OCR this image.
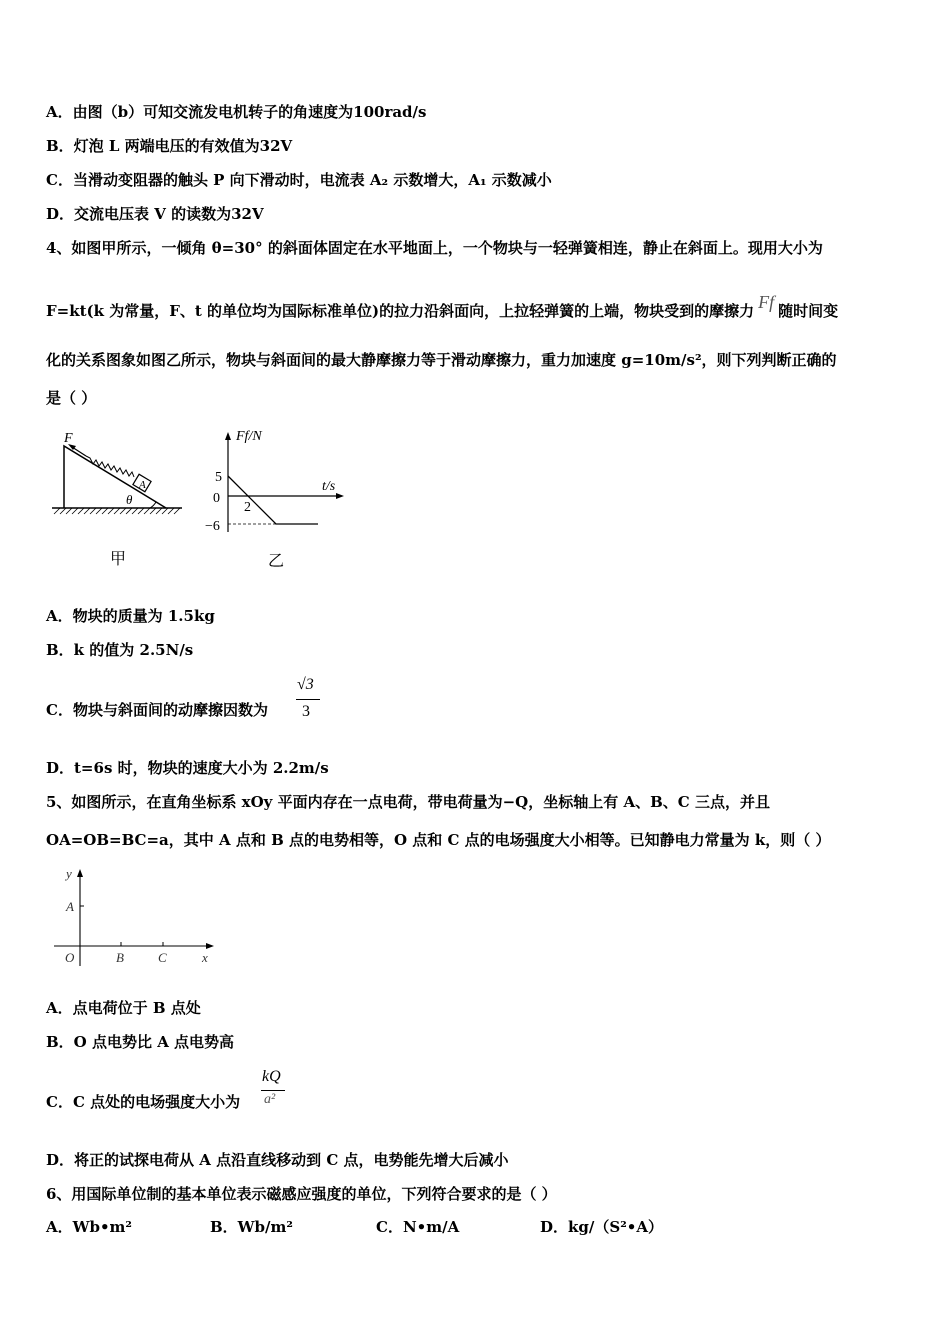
A．由图（b）可知交流发电机转子的角速度为100rad/s
B．灯泡 L 两端电压的有效值为32V
C．当滑动变阻器的触头 P 向下滑动时，电流表 A₂ 示数增大，A₁ 示数减小
D．交流电压表 V 的读数为32V
4、如图甲所示，一倾角 θ=30° 的斜面体固定在水平地面上，一个物块与一轻弹簧相连，静止在斜面上。现用大小为
F=kt(k 为常量，F、t 的单位均为国际标准单位)的拉力沿斜面向，上拉轻弹簧的上端，物块受到的摩擦力 Ff 随时间变
化的关系图象如图乙所示，物块与斜面间的最大静摩擦力等于滑动摩擦力，重力加速度 g=10m/s²，则下列判断正确的
是（ ）
θ
A
F
甲
Ff/N
t/s
5
0
2
−6
乙
A．物块的质量为 1.5kg
B．k 的值为 2.5N/s
C．物块与斜面间的动摩擦因数为
√3
3
D．t=6s 时，物块的速度大小为 2.2m/s
5、如图所示，在直角坐标系 xOy 平面内存在一点电荷，带电荷量为−Q，坐标轴上有 A、B、C 三点，并且
OA=OB=BC=a，其中 A 点和 B 点的电势相等，O 点和 C 点的电场强度大小相等。已知静电力常量为 k，则（ ）
y
A
O	B	C	x
A．点电荷位于 B 点处
B．O 点电势比 A 点电势高
C．C 点处的电场强度大小为
kQ
a²
D．将正的试探电荷从 A 点沿直线移动到 C 点，电势能先增大后减小
6、用国际单位制的基本单位表示磁感应强度的单位，下列符合要求的是（ ）
A．Wb•m²	B．Wb/m²	C．N•m/A	D．kg/（S²•A）
